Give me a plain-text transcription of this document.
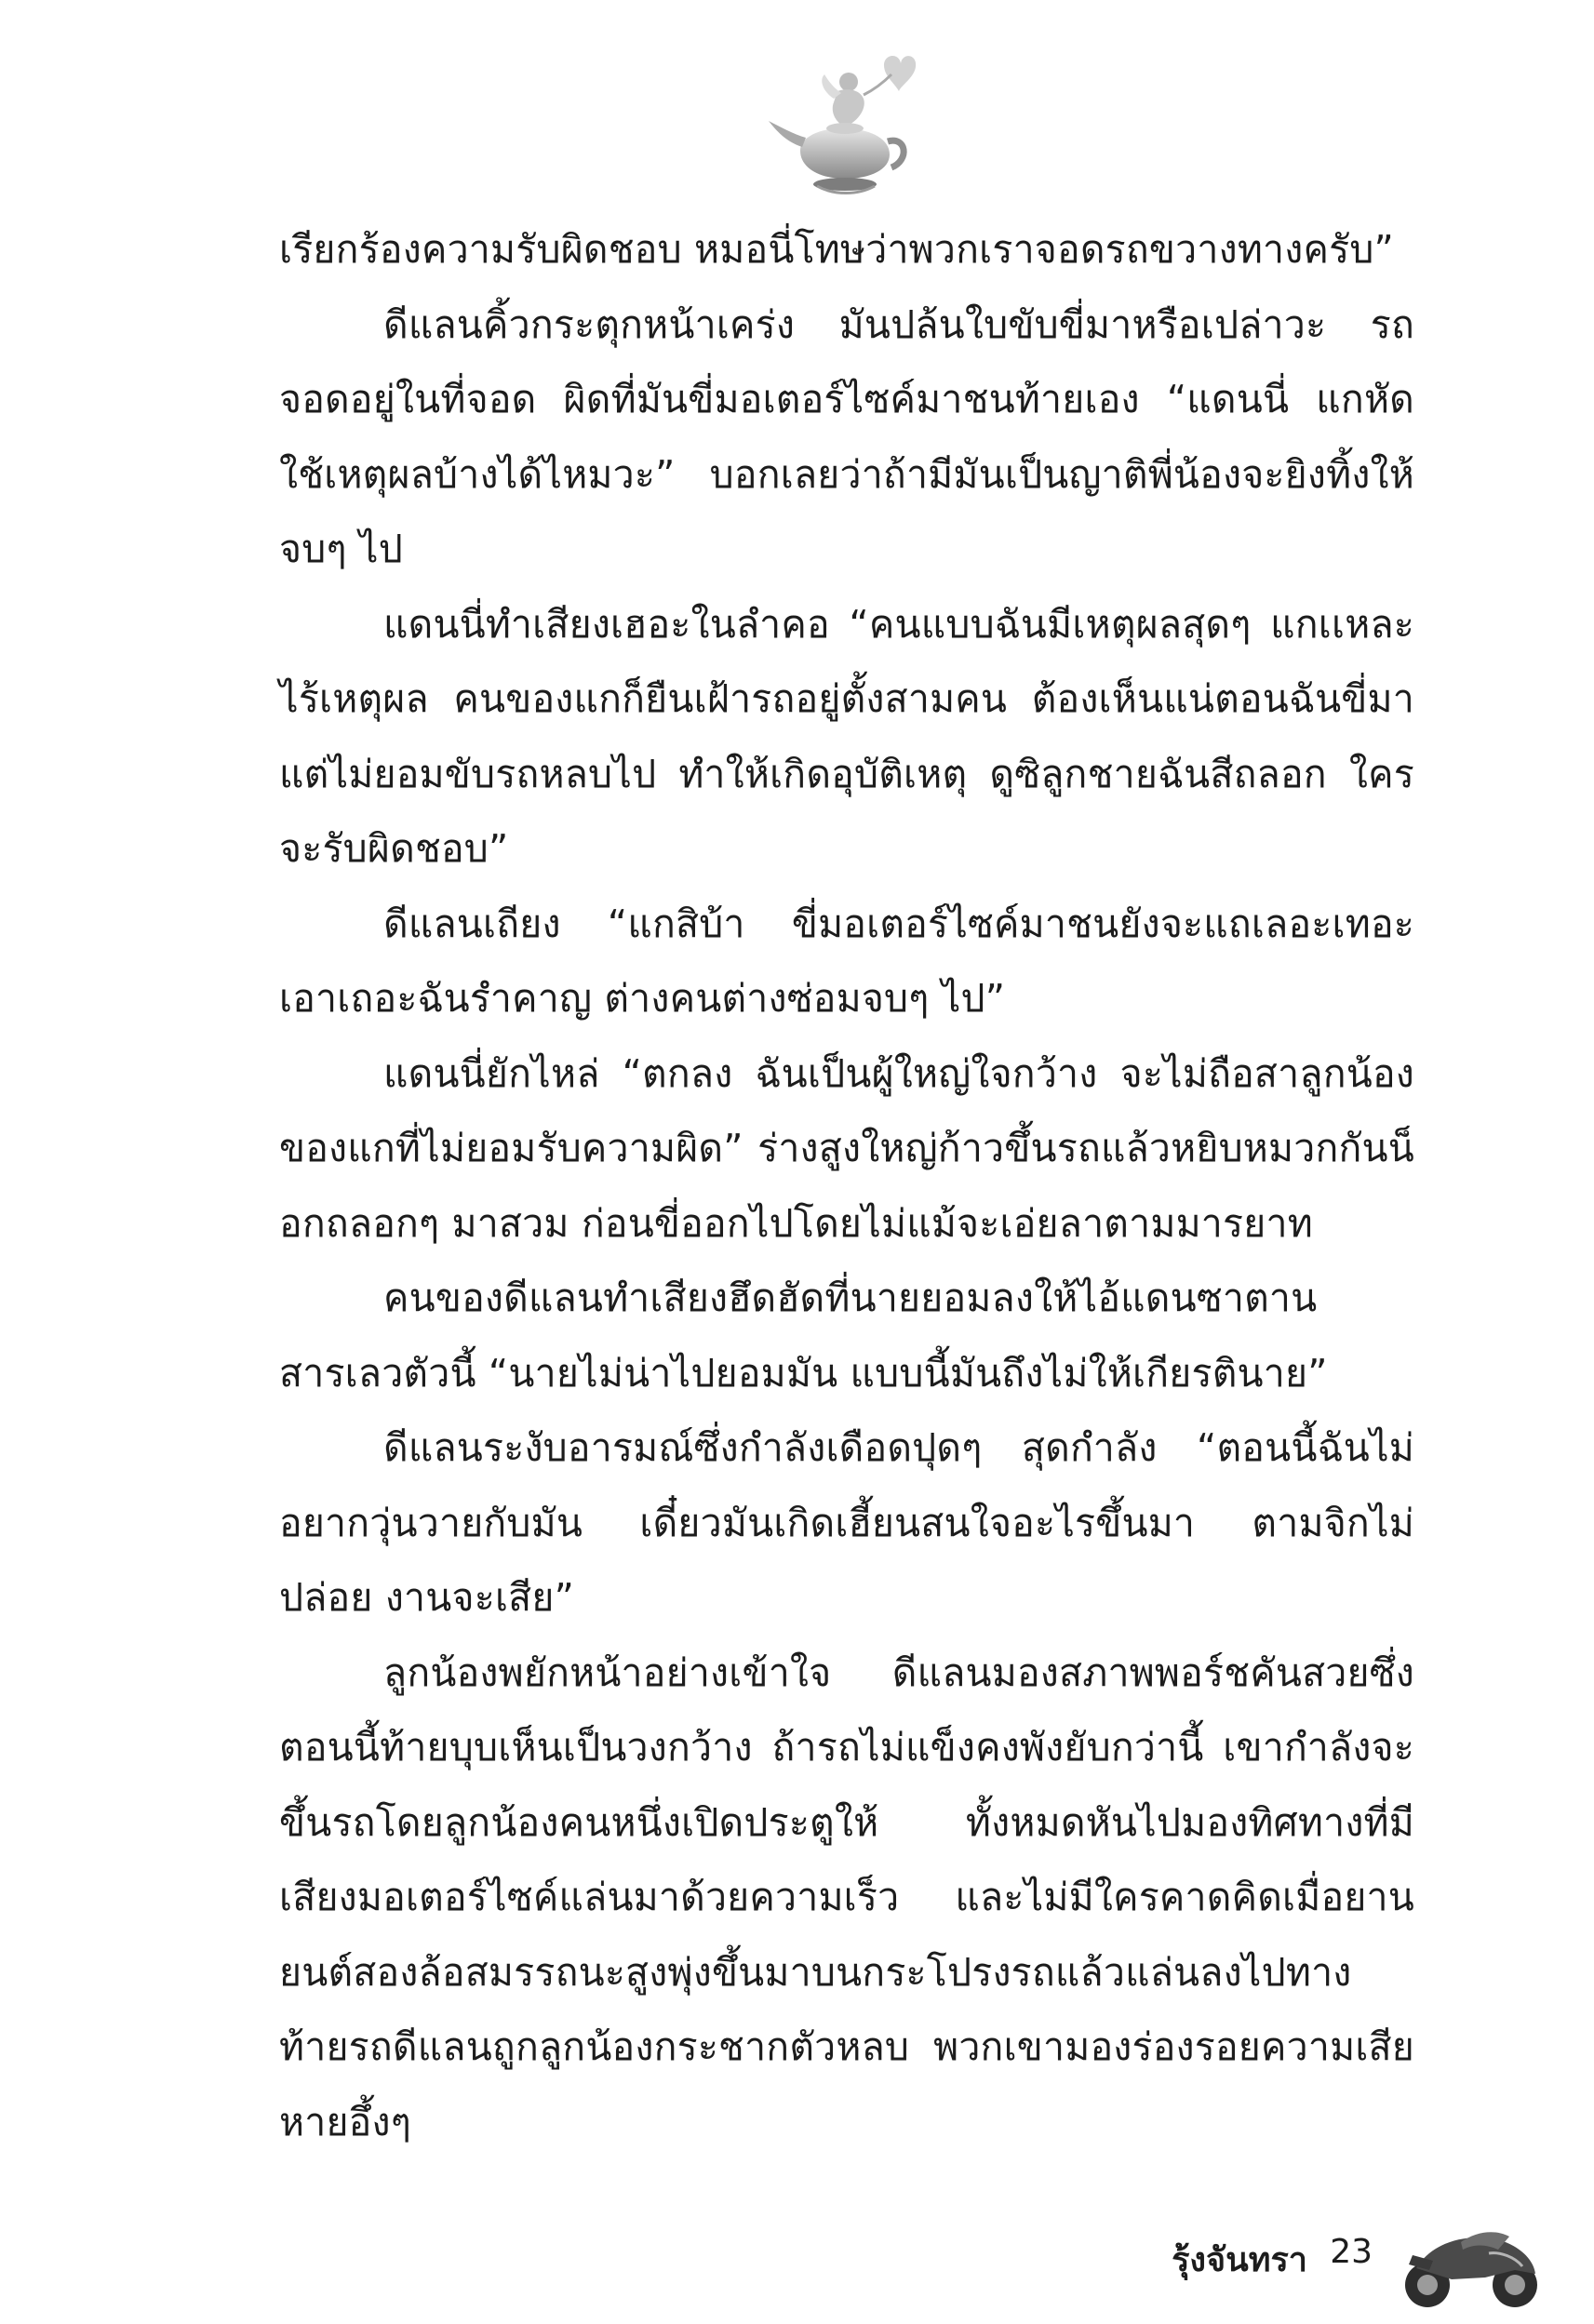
เรียกร้องความรับผิดชอบ หมอนี่โทษว่าพวกเราจอดรถขวางทางครับ”

ดีแลนคิ้วกระตุกหน้าเคร่ง มันปล้นใบขับขี่มาหรือเปล่าวะ รถจอดอยู่ในที่จอด ผิดที่มันขี่มอเตอร์ไซค์มาชนท้ายเอง “แดนนี่ แกหัดใช้เหตุผลบ้างได้ไหมวะ” บอกเลยว่าถ้ามีมันเป็นญาติพี่น้องจะยิงทิ้งให้จบๆ ไป

แดนนี่ทำเสียงเฮอะในลำคอ “คนแบบฉันมีเหตุผลสุดๆ แกเเหละไร้เหตุผล คนของแกก็ยืนเฝ้ารถอยู่ตั้งสามคน ต้องเห็นแน่ตอนฉันขี่มาแต่ไม่ยอมขับรถหลบไป ทำให้เกิดอุบัติเหตุ ดูซิลูกชายฉันสีถลอก ใครจะรับผิดชอบ”

ดีแลนเถียง “แกสิบ้า ขี่มอเตอร์ไซค์มาชนยังจะแถเลอะเทอะ เอาเถอะฉันรำคาญ ต่างคนต่างซ่อมจบๆ ไป”

แดนนี่ยักไหล่ “ตกลง ฉันเป็นผู้ใหญ่ใจกว้าง จะไม่ถือสาลูกน้องของแกที่ไม่ยอมรับความผิด” ร่างสูงใหญ่ก้าวขึ้นรถแล้วหยิบหมวกกันน็อกถลอกๆ มาสวม ก่อนขี่ออกไปโดยไม่แม้จะเอ่ยลาตามมารยาท

คนของดีแลนทำเสียงฮึดฮัดที่นายยอมลงให้ไอ้แดนซาตานสารเลวตัวนี้ “นายไม่น่าไปยอมมัน แบบนี้มันถึงไม่ให้เกียรตินาย”

ดีแลนระงับอารมณ์ซึ่งกำลังเดือดปุดๆ สุดกำลัง “ตอนนี้ฉันไม่อยากวุ่นวายกับมัน เดี๋ยวมันเกิดเฮี้ยนสนใจอะไรขึ้นมา ตามจิกไม่ปล่อย งานจะเสีย”

ลูกน้องพยักหน้าอย่างเข้าใจ ดีแลนมองสภาพพอร์ชคันสวยซึ่งตอนนี้ท้ายบุบเห็นเป็นวงกว้าง ถ้ารถไม่แข็งคงพังยับกว่านี้ เขากำลังจะขึ้นรถโดยลูกน้องคนหนึ่งเปิดประตูให้ ทั้งหมดหันไปมองทิศทางที่มีเสียงมอเตอร์ไซค์แล่นมาด้วยความเร็ว และไม่มีใครคาดคิดเมื่อยานยนต์สองล้อสมรรถนะสูงพุ่งขึ้นมาบนกระโปรงรถแล้วแล่นลงไปทางท้ายรถดีแลนถูกลูกน้องกระชากตัวหลบ พวกเขามองร่องรอยความเสียหายอึ้งๆ

รุ้งจันทรา 23
